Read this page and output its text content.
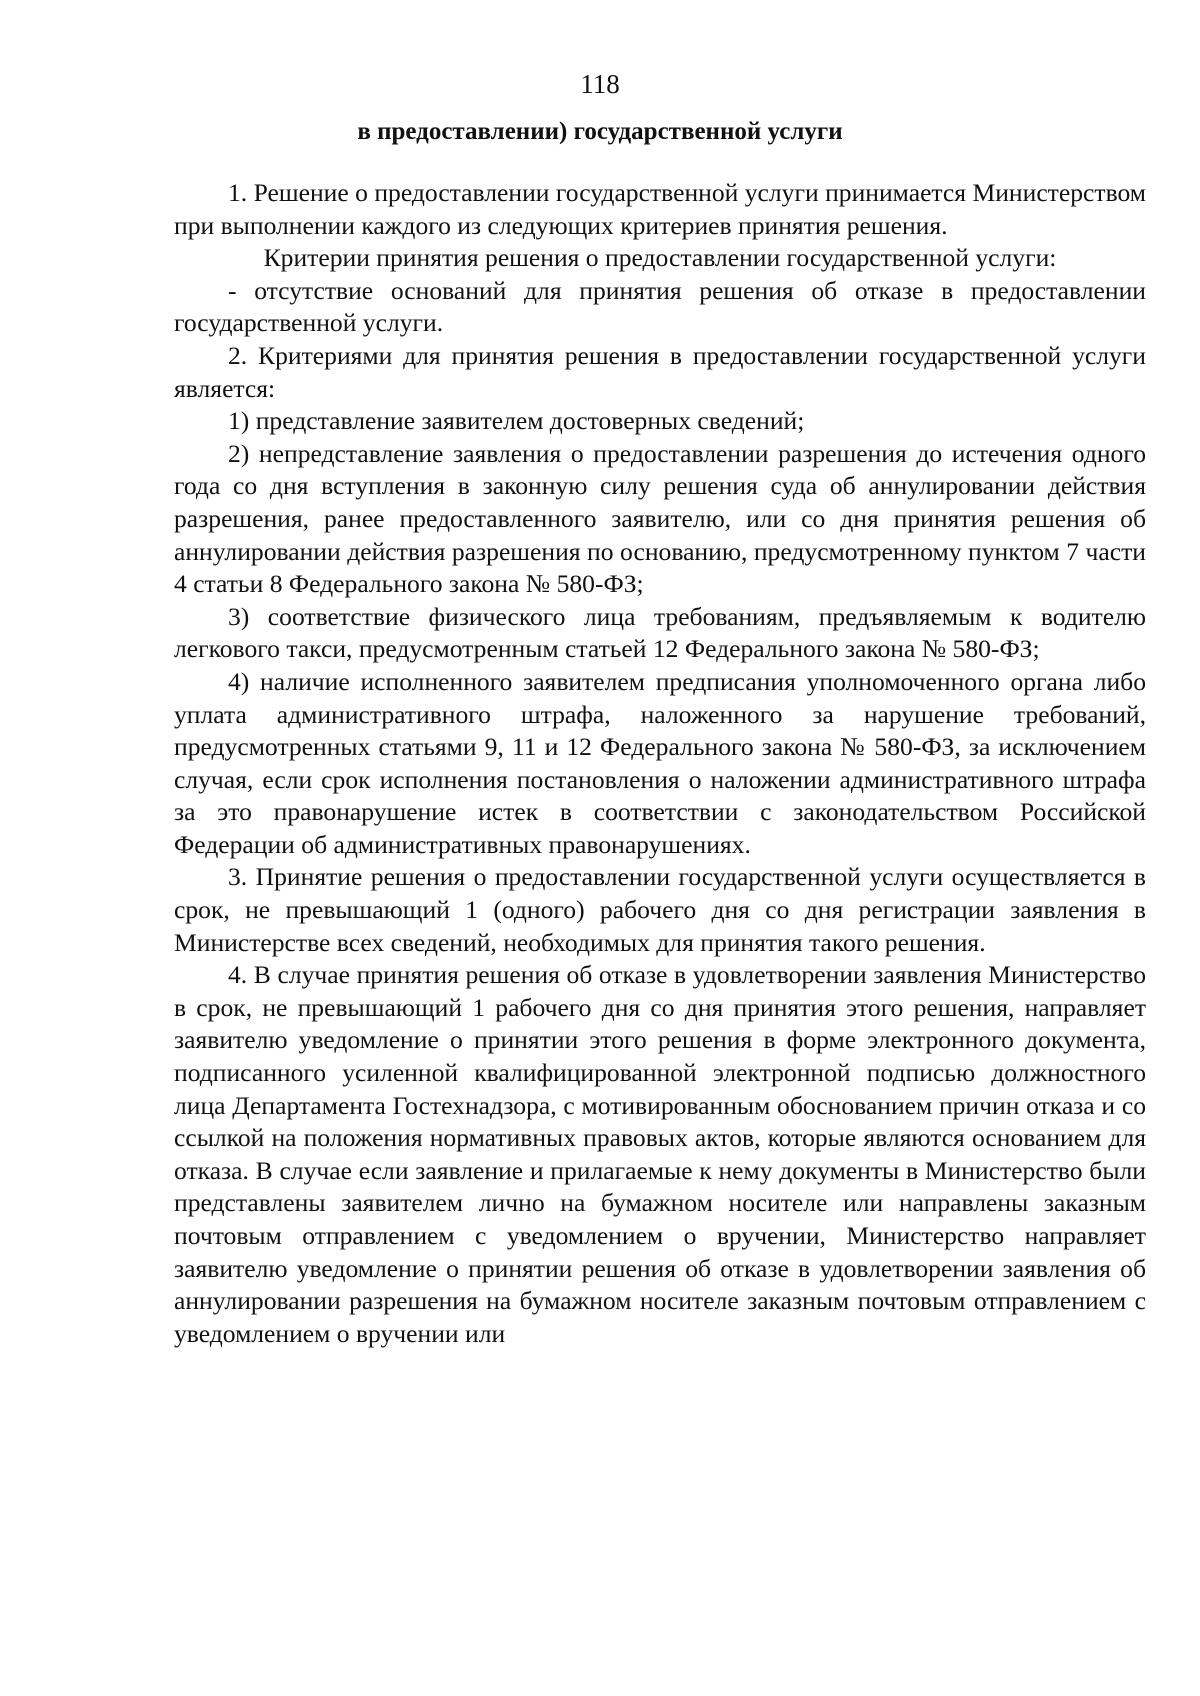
118
в предоставлении) государственной услуги

1. Решение о предоставлении государственной услуги принимается Министерством при выполнении каждого из следующих критериев принятия решения.

Критерии принятия решения о предоставлении государственной услуги:

- отсутствие оснований для принятия решения об отказе в предоставлении государственной услуги.

2. Критериями для принятия решения в предоставлении государственной услуги является:

1) представление заявителем достоверных сведений;

2) непредставление заявления о предоставлении разрешения до истечения одного года со дня вступления в законную силу решения суда об аннулировании действия разрешения, ранее предоставленного заявителю, или со дня принятия решения об аннулировании действия разрешения по основанию, предусмотренному пунктом 7 части 4 статьи 8 Федерального закона № 580-ФЗ;

3) соответствие физического лица требованиям, предъявляемым к водителю легкового такси, предусмотренным статьей 12 Федерального закона № 580-ФЗ;

4) наличие исполненного заявителем предписания уполномоченного органа либо уплата административного штрафа, наложенного за нарушение требований, предусмотренных статьями 9, 11 и 12 Федерального закона № 580-ФЗ, за исключением случая, если срок исполнения постановления о наложении административного штрафа за это правонарушение истек в соответствии с законодательством Российской Федерации об административных правонарушениях.

3. Принятие решения о предоставлении государственной услуги осуществляется в срок, не превышающий 1 (одного) рабочего дня со дня регистрации заявления в Министерстве всех сведений, необходимых для принятия такого решения.

4. В случае принятия решения об отказе в удовлетворении заявления Министерство в срок, не превышающий 1 рабочего дня со дня принятия этого решения, направляет заявителю уведомление о принятии этого решения в форме электронного документа, подписанного усиленной квалифицированной электронной подписью должностного лица Департамента Гостехнадзора, с мотивированным обоснованием причин отказа и со ссылкой на положения нормативных правовых актов, которые являются основанием для отказа. В случае если заявление и прилагаемые к нему документы в Министерство были представлены заявителем лично на бумажном носителе или направлены заказным почтовым отправлением с уведомлением о вручении, Министерство направляет заявителю уведомление о принятии решения об отказе в удовлетворении заявления об аннулировании разрешения на бумажном носителе заказным почтовым отправлением с уведомлением о вручении или
